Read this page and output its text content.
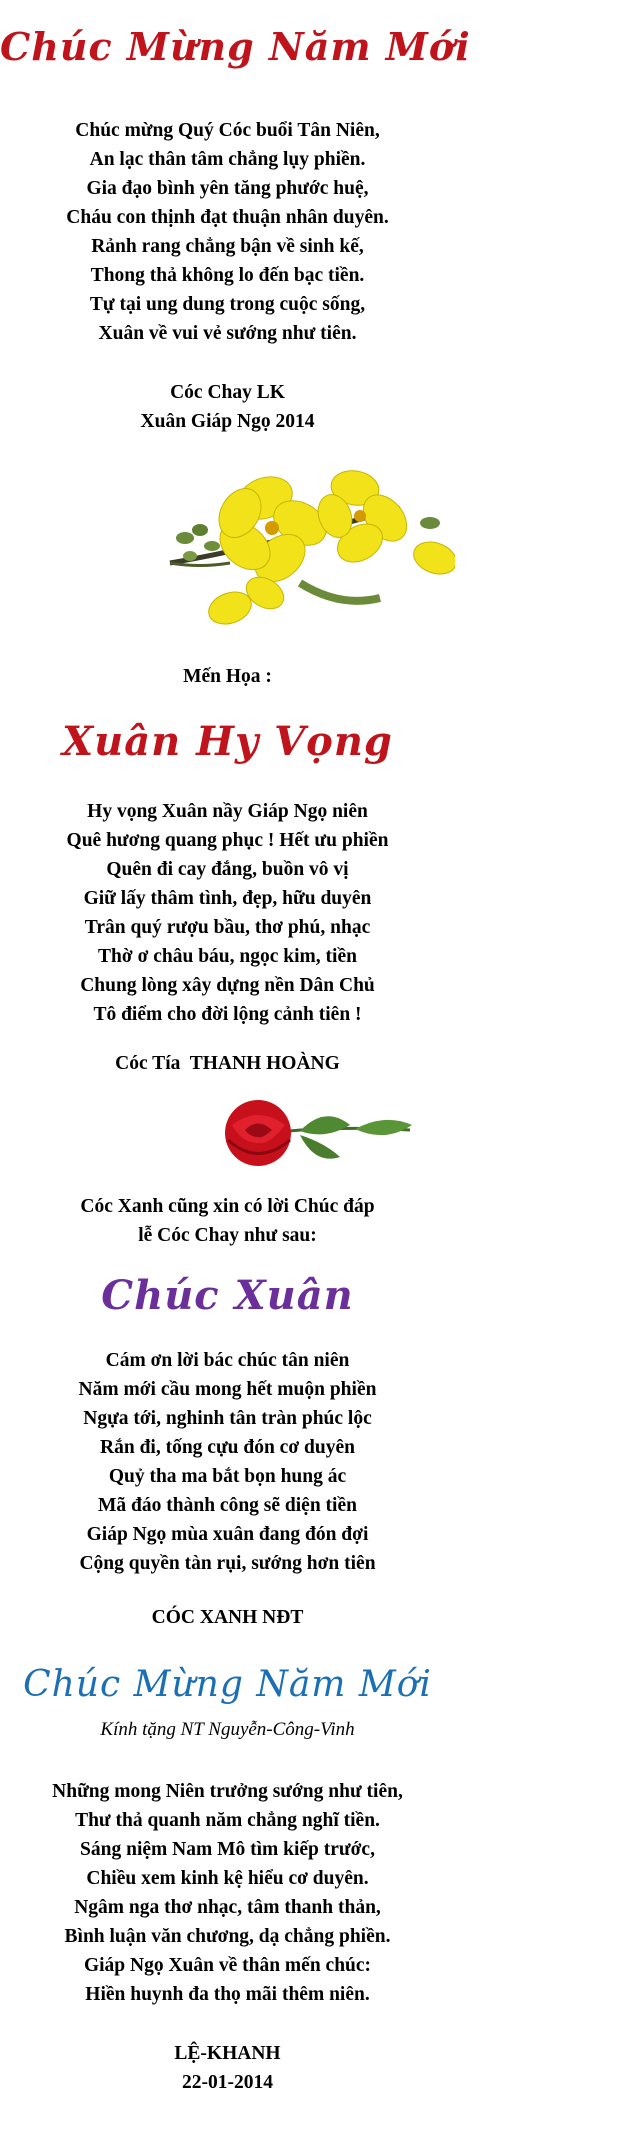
Chúc Mừng Năm Mới
Chúc mừng Quý Cóc buổi Tân Niên,
An lạc thân tâm chẳng lụy phiền.
Gia đạo bình yên tăng phước huệ,
Cháu con thịnh đạt thuận nhân duyên.
Rảnh rang chẳng bận về sinh kế,
Thong thả không lo đến bạc tiền.
Tự tại ung dung trong cuộc sống,
Xuân về vui vẻ sướng như tiên.
Cóc Chay LK
Xuân Giáp Ngọ 2014
Mến Họa :
Xuân Hy Vọng
Hy vọng Xuân nầy Giáp Ngọ niên
Quê hương quang phục ! Hết ưu phiền
Quên đi cay đắng, buồn vô vị
Giữ lấy thâm tình, đẹp, hữu duyên
Trân quý rượu bầu, thơ phú, nhạc
Thờ ơ châu báu, ngọc kim, tiền
Chung lòng xây dựng nền Dân Chủ
Tô điểm cho đời lộng cảnh tiên !
Cóc Tía  THANH HOÀNG
Cóc Xanh cũng xin có lời Chúc đáp
lễ Cóc Chay như sau:
Chúc Xuân
Cám ơn lời bác chúc tân niên
Năm mới cầu mong hết muộn phiền
Ngựa tới, nghinh tân tràn phúc lộc
Rắn đi, tống cựu đón cơ duyên
Quỷ tha ma bắt bọn hung ác
Mã đáo thành công sẽ diện tiền
Giáp Ngọ mùa xuân đang đón đợi
Cộng quyền tàn rụi, sướng hơn tiên
CÓC XANH NĐT
Chúc Mừng Năm Mới
Kính tặng NT Nguyễn-Công-Vinh
Những mong Niên trưởng sướng như tiên,
Thư thả quanh năm chẳng nghĩ tiền.
Sáng niệm Nam Mô tìm kiếp trước,
Chiều xem kinh kệ hiểu cơ duyên.
Ngâm nga thơ nhạc, tâm thanh thản,
Bình luận văn chương, dạ chẳng phiền.
Giáp Ngọ Xuân về thân mến chúc:
Hiền huynh đa thọ mãi thêm niên.
LỆ-KHANH
22-01-2014
